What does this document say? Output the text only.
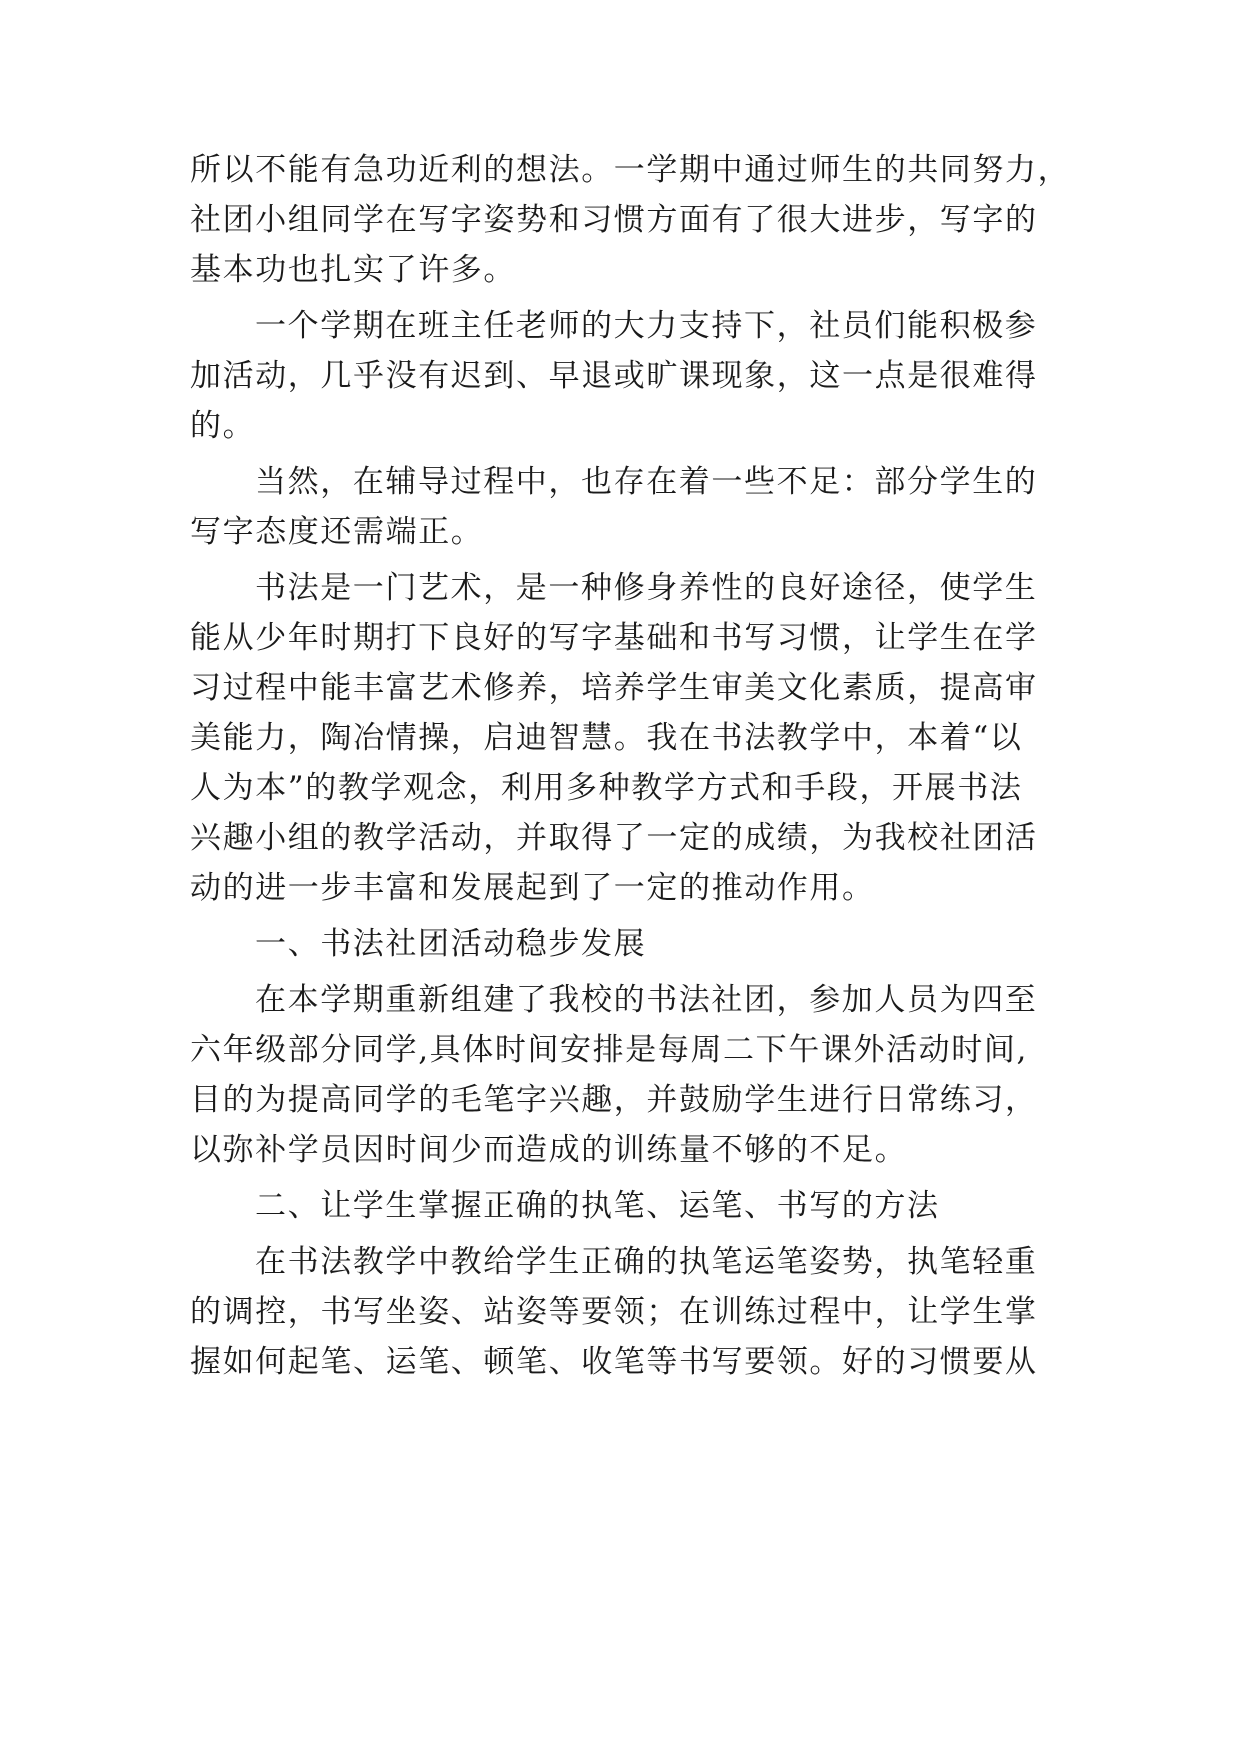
所以不能有急功近利的想法。一学期中通过师生的共同努力，
社团小组同学在写字姿势和习惯方面有了很大进步，写字的
基本功也扎实了许多。
一个学期在班主任老师的大力支持下，社员们能积极参
加活动，几乎没有迟到、早退或旷课现象，这一点是很难得
的。
当然，在辅导过程中，也存在着一些不足：部分学生的
写字态度还需端正。
书法是一门艺术，是一种修身养性的良好途径，使学生
能从少年时期打下良好的写字基础和书写习惯，让学生在学
习过程中能丰富艺术修养，培养学生审美文化素质，提高审
美能力，陶冶情操，启迪智慧。我在书法教学中，本着“以
人为本”的教学观念，利用多种教学方式和手段，开展书法
兴趣小组的教学活动，并取得了一定的成绩，为我校社团活
动的进一步丰富和发展起到了一定的推动作用。
一、书法社团活动稳步发展
在本学期重新组建了我校的书法社团，参加人员为四至
六年级部分同学,具体时间安排是每周二下午课外活动时间,
目的为提高同学的毛笔字兴趣，并鼓励学生进行日常练习，
以弥补学员因时间少而造成的训练量不够的不足。
二、让学生掌握正确的执笔、运笔、书写的方法
在书法教学中教给学生正确的执笔运笔姿势，执笔轻重
的调控，书写坐姿、站姿等要领；在训练过程中，让学生掌
握如何起笔、运笔、顿笔、收笔等书写要领。好的习惯要从
